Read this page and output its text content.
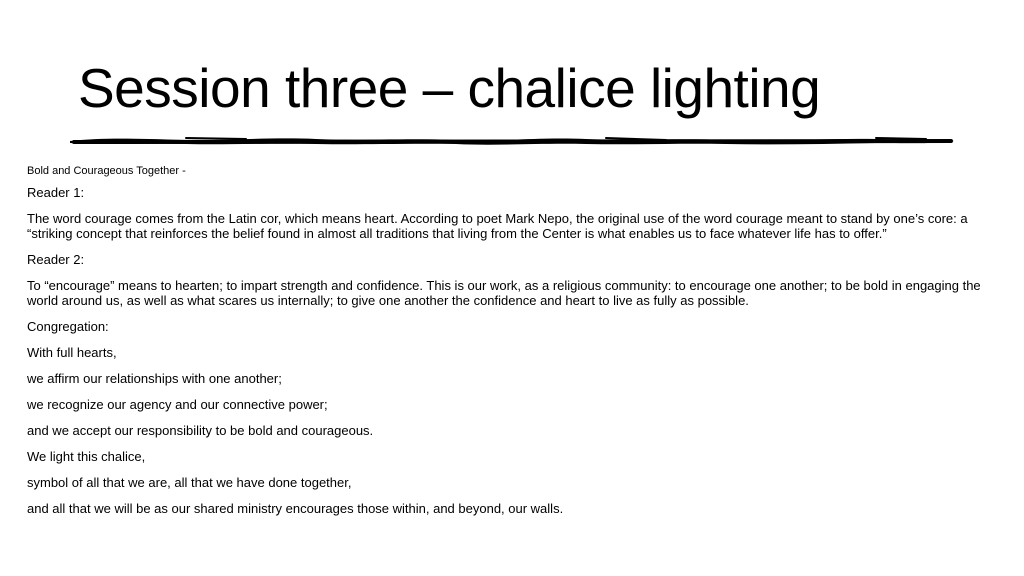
Session three – chalice lighting

Bold and Courageous Together -

Reader 1:

The word courage comes from the Latin cor, which means heart. According to poet Mark Nepo, the original use of the word courage meant to stand by one’s core: a “striking concept that reinforces the belief found in almost all traditions that living from the Center is what enables us to face whatever life has to offer.”

Reader 2:

To “encourage” means to hearten; to impart strength and confidence. This is our work, as a religious community: to encourage one another; to be bold in engaging the world around us, as well as what scares us internally; to give one another the confidence and heart to live as fully as possible.

Congregation:

With full hearts,

we affirm our relationships with one another;

we recognize our agency and our connective power;

and we accept our responsibility to be bold and courageous.

We light this chalice,

symbol of all that we are, all that we have done together,

and all that we will be as our shared ministry encourages those within, and beyond, our walls.
